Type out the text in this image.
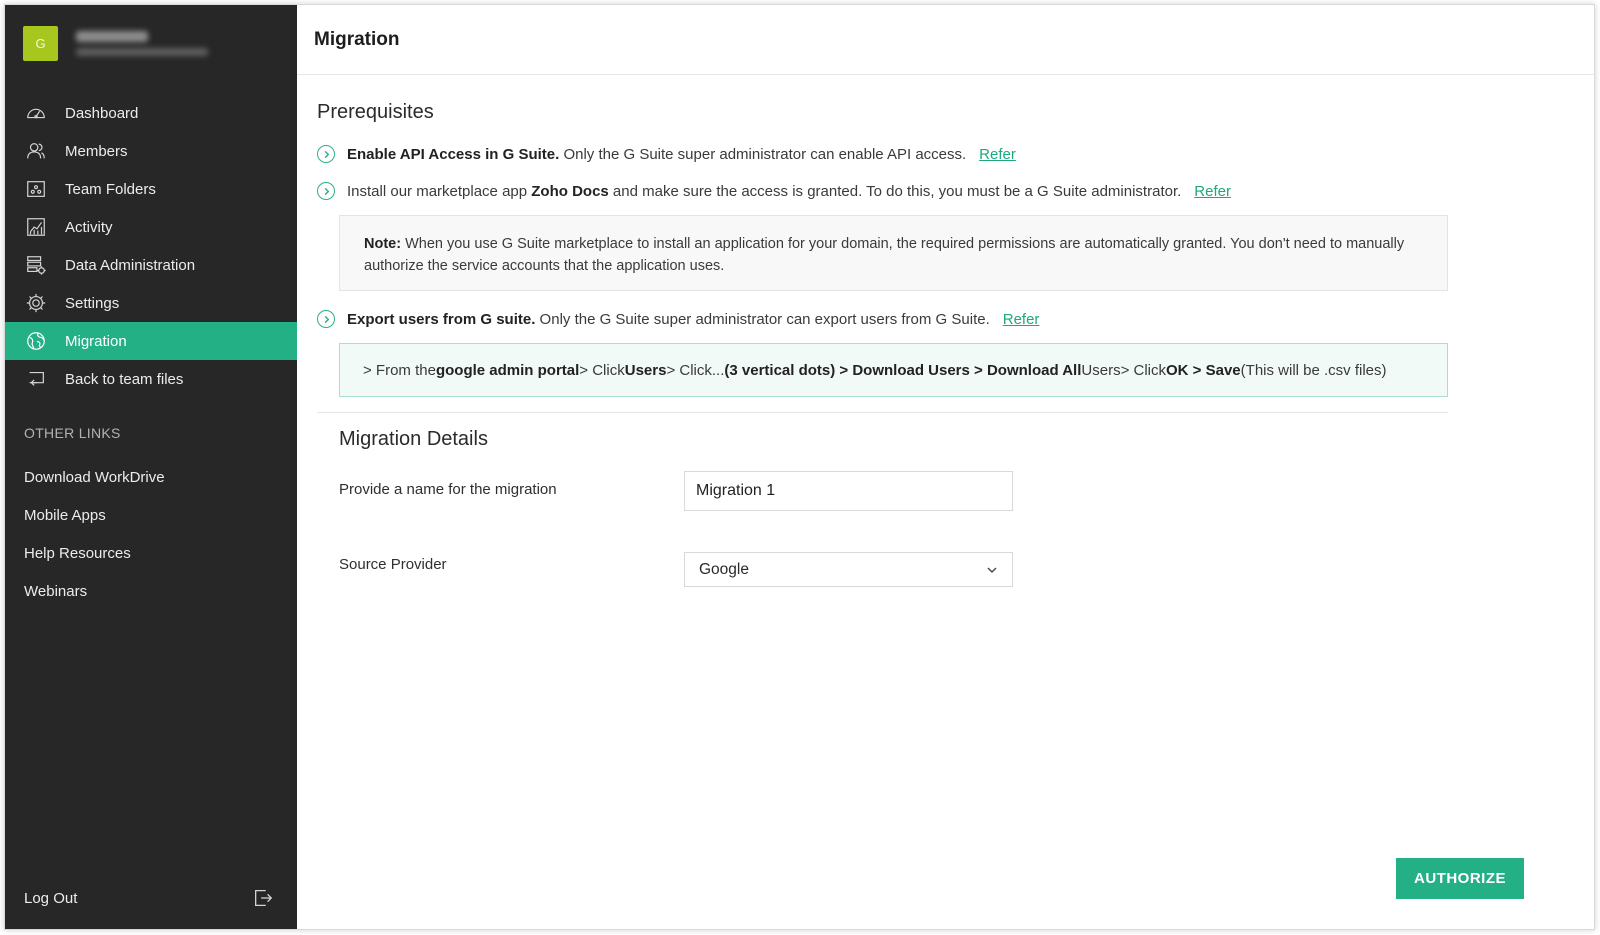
G
Dashboard
Members
Team Folders
Activity
Data Administration
Settings
Migration
Back to team files
OTHER LINKS
Download WorkDrive
Mobile Apps
Help Resources
Webinars
Log Out
Migration
Prerequisites
Enable API Access in G Suite. Only the G Suite super administrator can enable API access. Refer
Install our marketplace app Zoho Docs and make sure the access is granted. To do this, you must be a G Suite administrator. Refer
Note: When you use G Suite marketplace to install an application for your domain, the required permissions are automatically granted. You don't need to manually authorize the service accounts that the application uses.
Export users from G suite. Only the G Suite super administrator can export users from G Suite. Refer
> From the google admin portal > Click Users > Click... (3 vertical dots) > Download Users > Download All Users> Click OK > Save (This will be .csv files)
Migration Details
Provide a name for the migration
Migration 1
Source Provider	Google
AUTHORIZE
